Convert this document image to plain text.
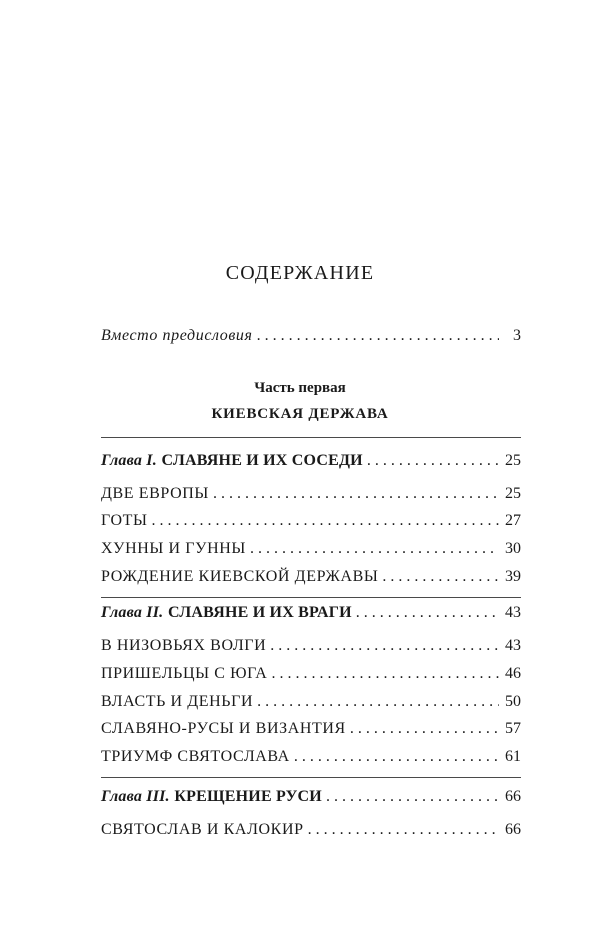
СОДЕРЖАНИЕ
Вместо предисловия . . .	3
Часть первая
КИЕВСКАЯ ДЕРЖАВА
Глава I. СЛАВЯНЕ И ИХ СОСЕДИ . . .	25
ДВЕ ЕВРОПЫ . . .	25
ГОТЫ . . .	27
ХУННЫ И ГУННЫ . . .	30
РОЖДЕНИЕ КИЕВСКОЙ ДЕРЖАВЫ . . .	39
Глава II. СЛАВЯНЕ И ИХ ВРАГИ . . .	43
В НИЗОВЬЯХ ВОЛГИ . . .	43
ПРИШЕЛЬЦЫ С ЮГА . . .	46
ВЛАСТЬ И ДЕНЬГИ . . .	50
СЛАВЯНО-РУСЫ И ВИЗАНТИЯ . . .	57
ТРИУМФ СВЯТОСЛАВА . . .	61
Глава III. КРЕЩЕНИЕ РУСИ . . .	66
СВЯТОСЛАВ И КАЛОКИР . . .	66
